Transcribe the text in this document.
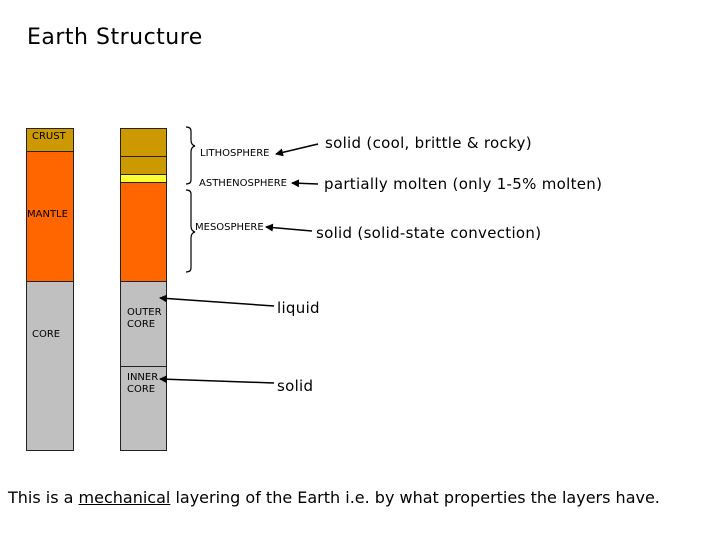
Earth Structure
CRUST
MANTLE
CORE
OUTER
CORE
INNER
CORE
LITHOSPHERE
ASTHENOSPHERE
MESOSPHERE
solid (cool, brittle & rocky)
partially molten (only 1-5% molten)
solid (solid-state convection)
liquid
solid
This is a mechanical layering of the Earth i.e. by what properties the layers have.
